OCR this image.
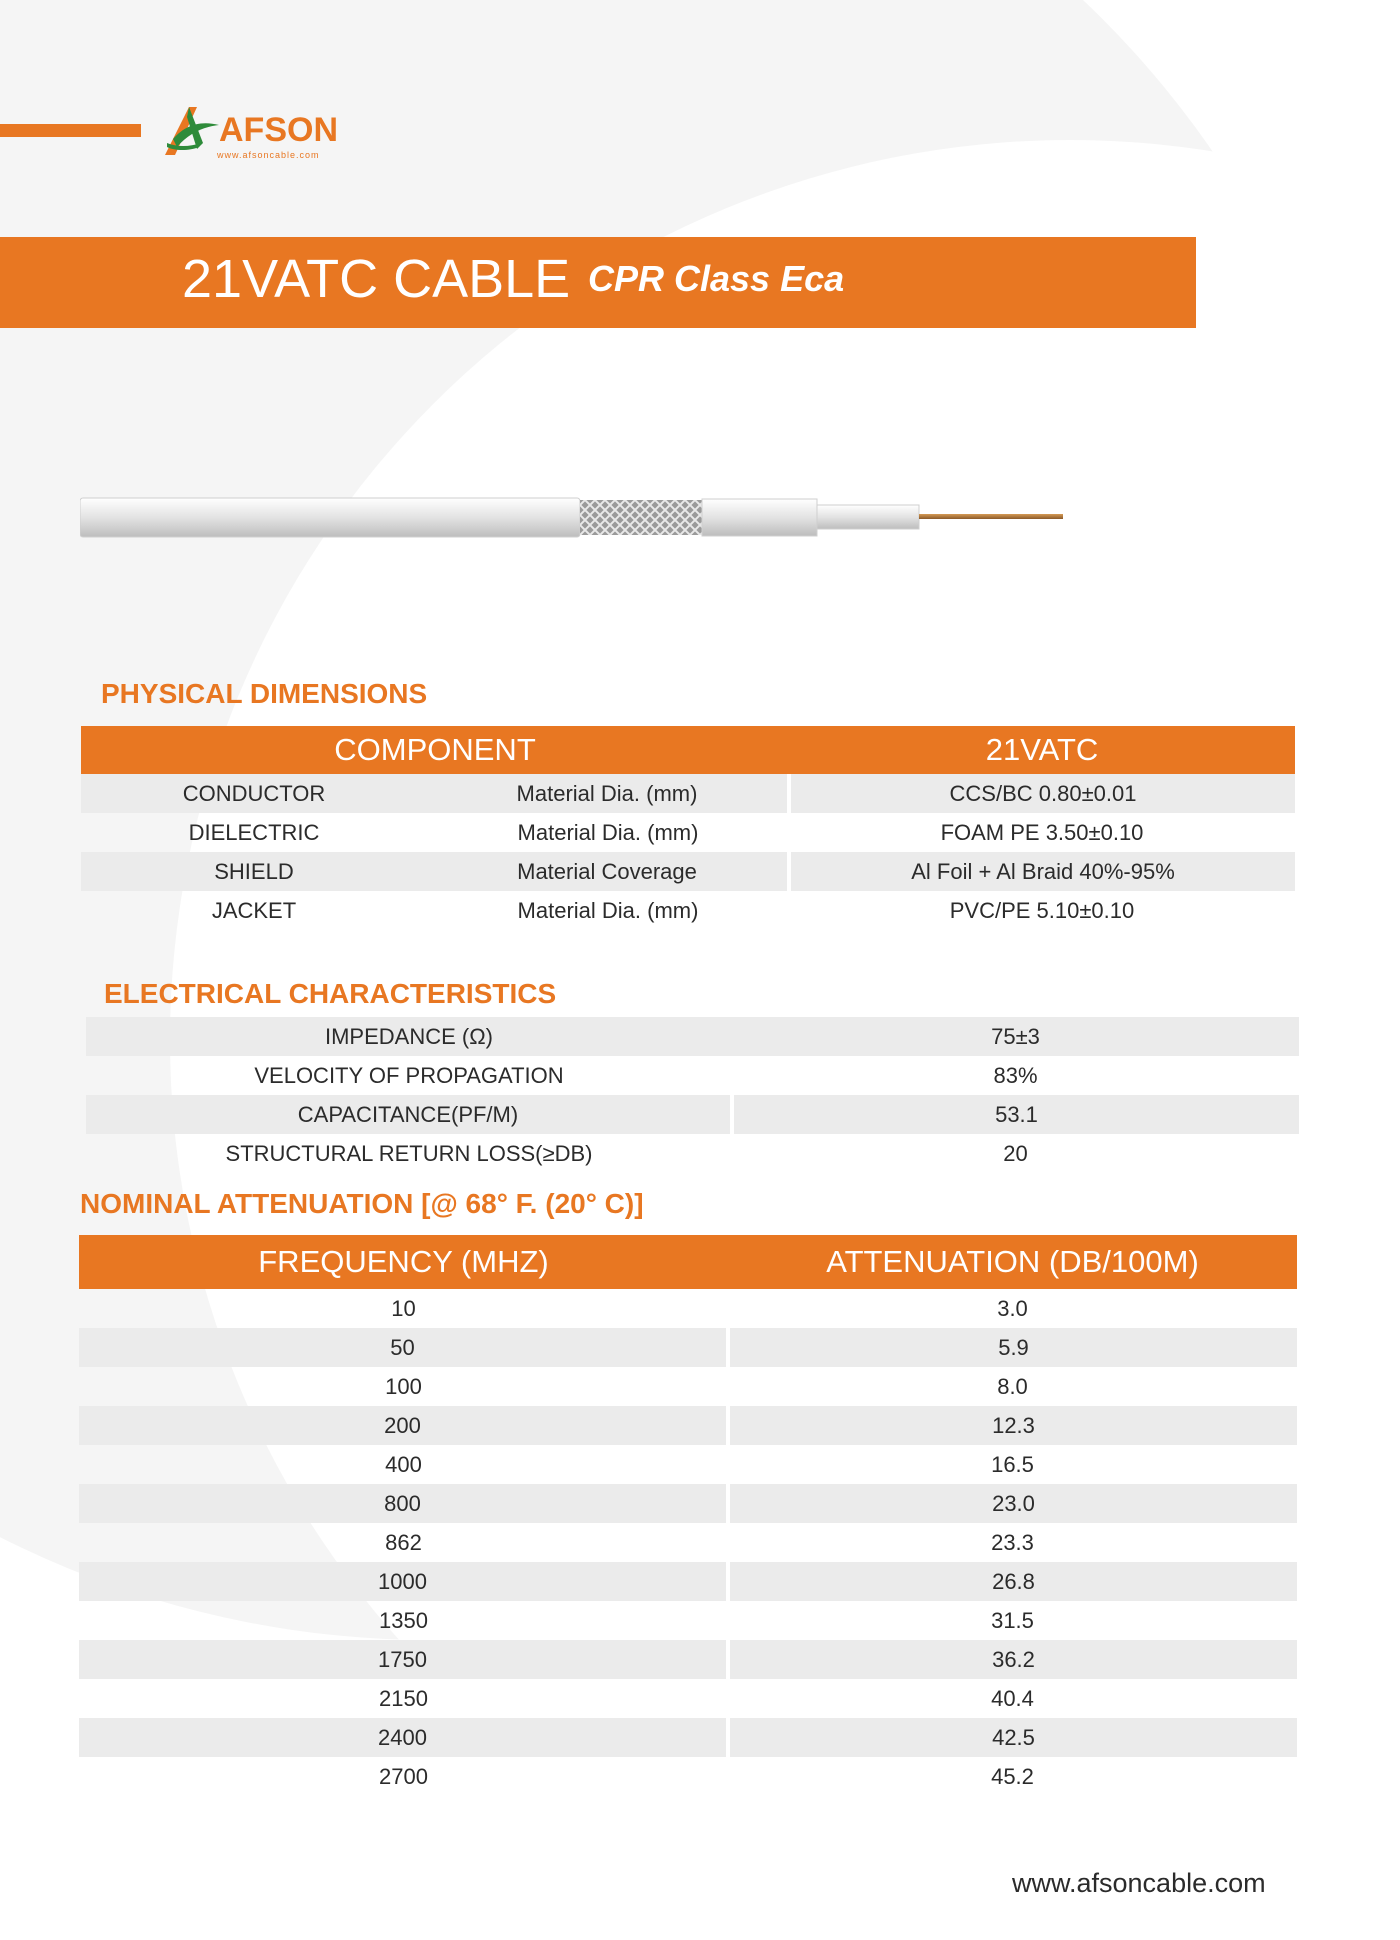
AFSON
www.afsoncable.com
21VATC CABLE CPR Class Eca
PHYSICAL DIMENSIONS
COMPONENT		21VATC
CONDUCTOR	Material Dia. (mm)	CCS/BC 0.80±0.01
DIELECTRIC	Material Dia. (mm)	FOAM PE 3.50±0.10
SHIELD	Material Coverage	Al Foil + Al Braid 40%-95%
JACKET	Material Dia. (mm)	PVC/PE 5.10±0.10
ELECTRICAL CHARACTERISTICS
IMPEDANCE (Ω)	75±3
VELOCITY OF PROPAGATION	83%
CAPACITANCE(PF/M)	53.1
STRUCTURAL RETURN LOSS(≥DB)	20
NOMINAL ATTENUATION [@ 68° F. (20° C)]
FREQUENCY (MHZ)	ATTENUATION (DB/100M)
10	3.0
50	5.9
100	8.0
200	12.3
400	16.5
800	23.0
862	23.3
1000	26.8
1350	31.5
1750	36.2
2150	40.4
2400	42.5
2700	45.2
www.afsoncable.com
